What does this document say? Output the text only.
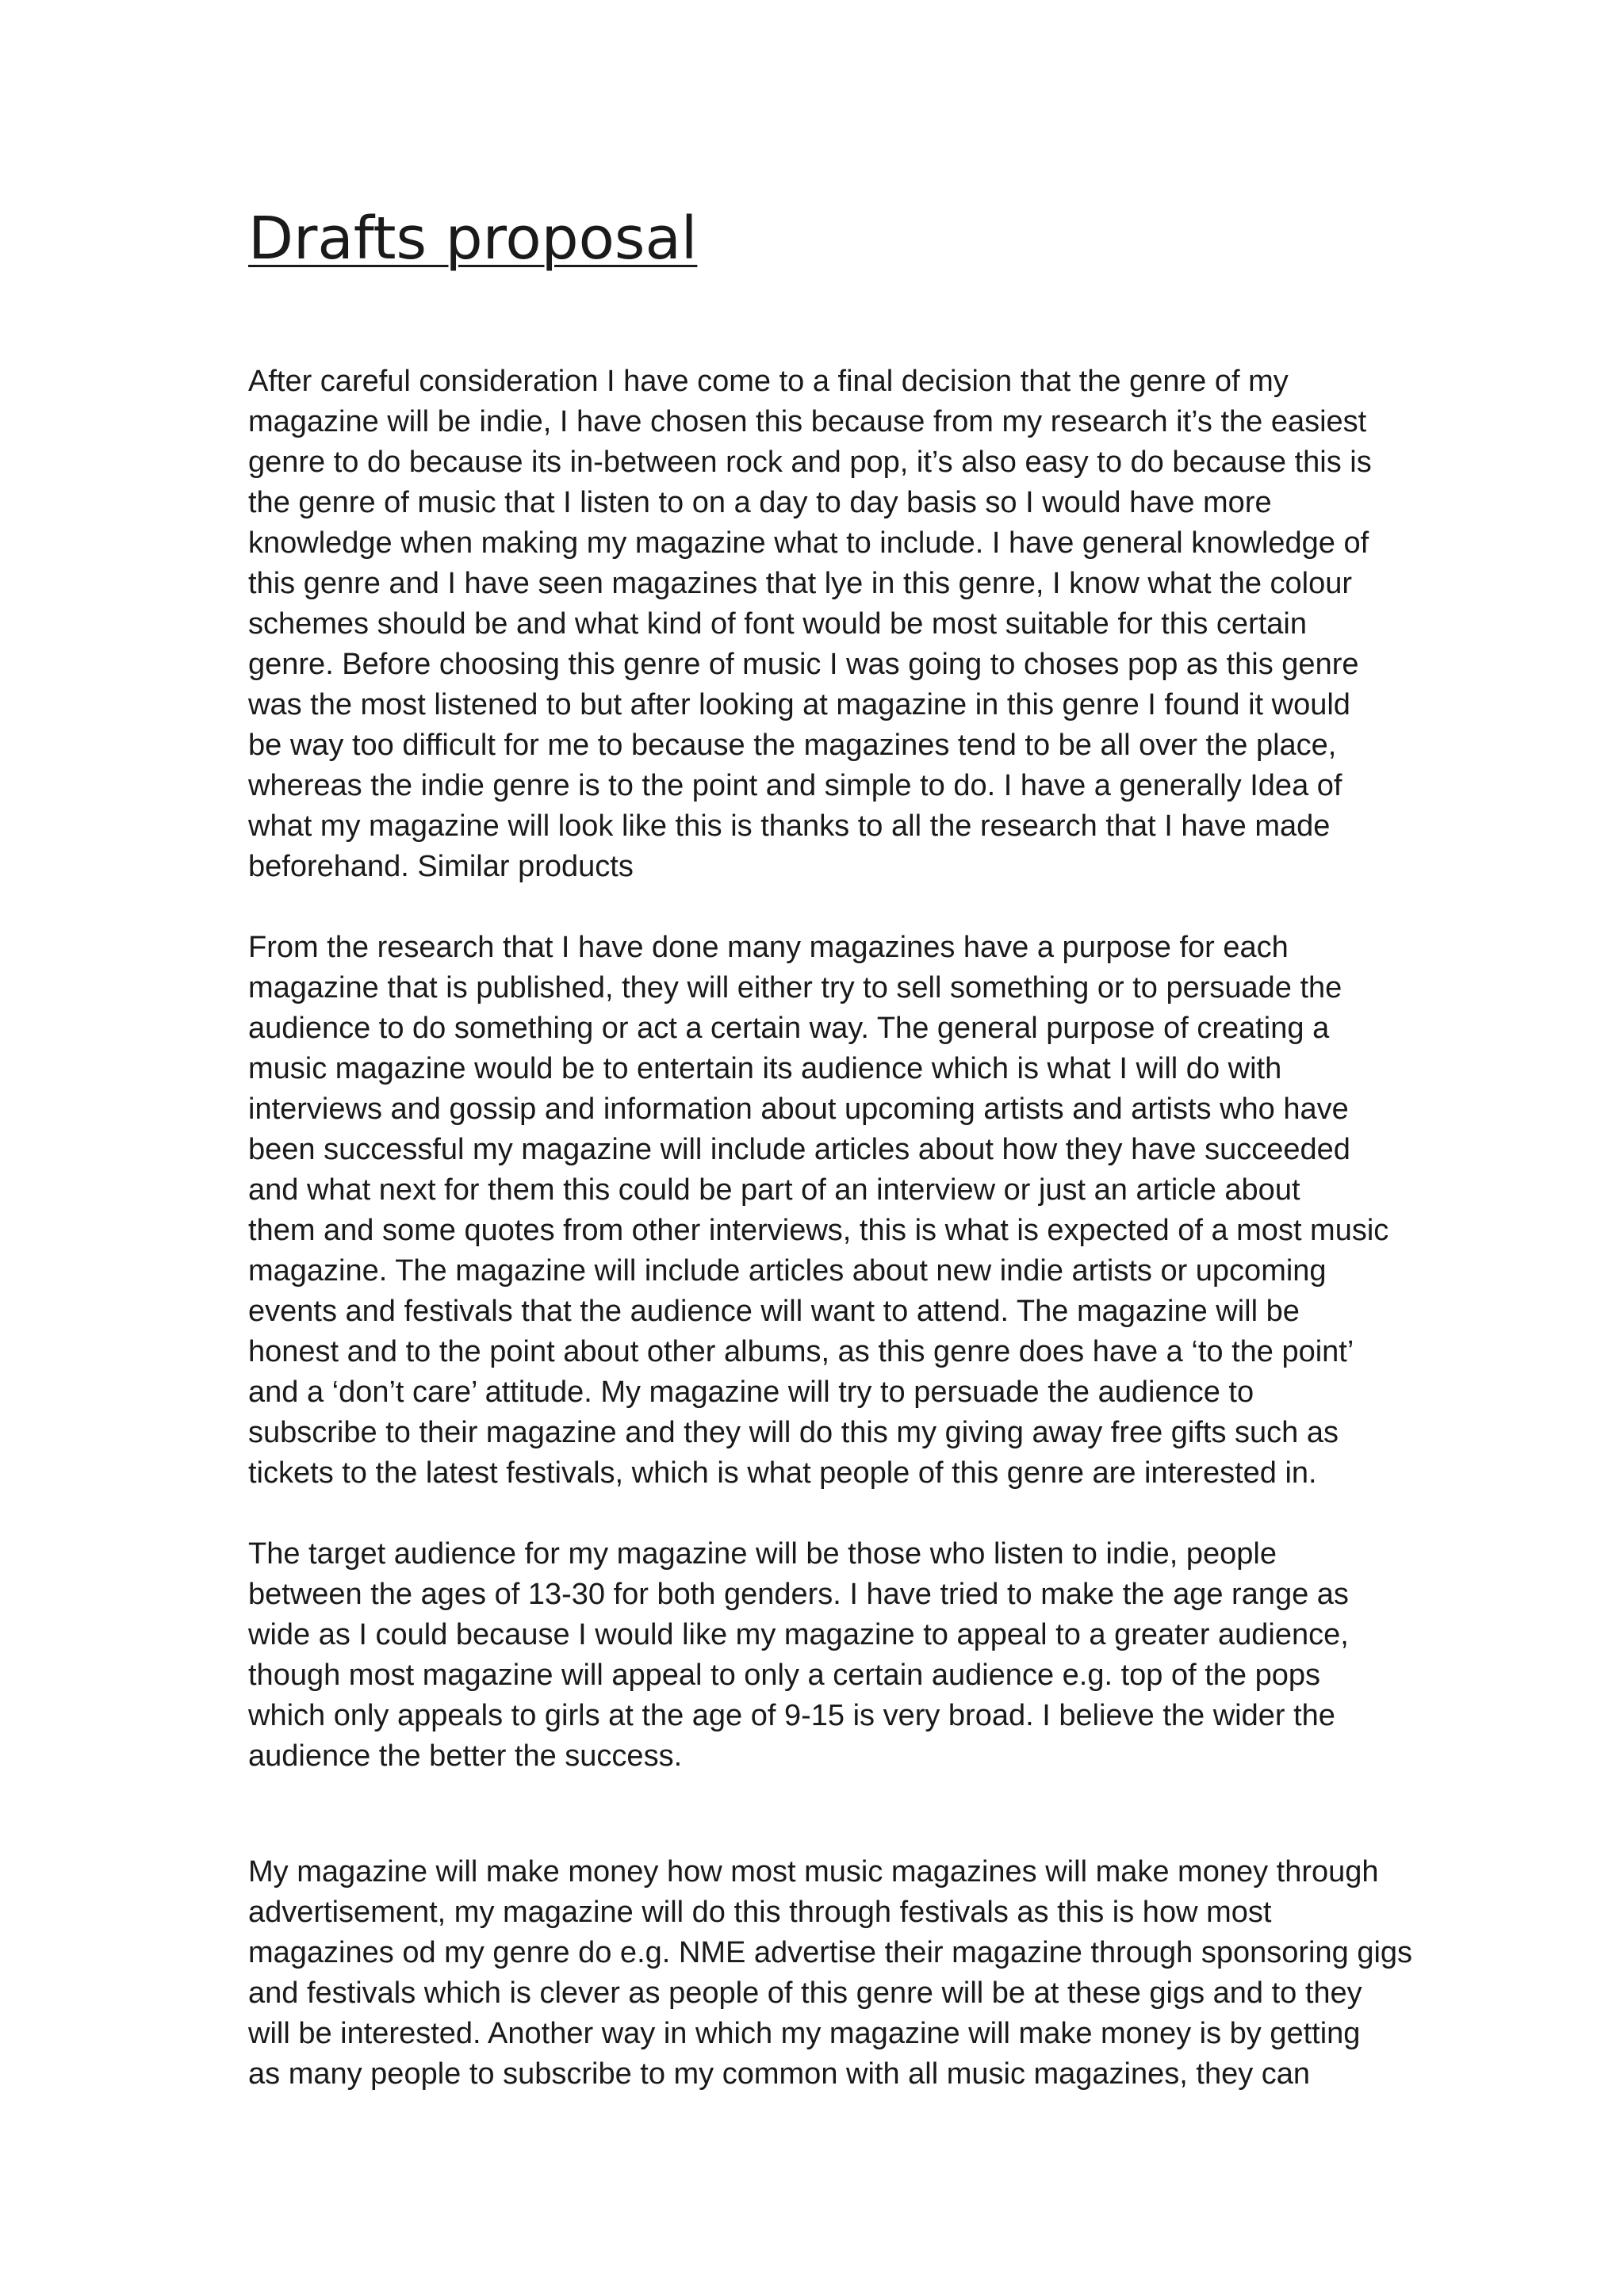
Drafts proposal

After careful consideration I have come to a final decision that the genre of my
magazine will be indie, I have chosen this because from my research it’s the easiest
genre to do because its in-between rock and pop, it’s also easy to do because this is
the genre of music that I listen to on a day to day basis so I would have more
knowledge when making my magazine what to include. I have general knowledge of
this genre and I have seen magazines that lye in this genre, I know what the colour
schemes should be and what kind of font would be most suitable for this certain
genre. Before choosing this genre of music I was going to choses pop as this genre
was the most listened to but after looking at magazine in this genre I found it would
be way too difficult for me to because the magazines tend to be all over the place,
whereas the indie genre is to the point and simple to do. I have a generally Idea of
what my magazine will look like this is thanks to all the research that I have made
beforehand. Similar products

From the research that I have done many magazines have a purpose for each
magazine that is published, they will either try to sell something or to persuade the
audience to do something or act a certain way. The general purpose of creating a
music magazine would be to entertain its audience which is what I will do with
interviews and gossip and information about upcoming artists and artists who have
been successful my magazine will include articles about how they have succeeded
and what next for them this could be part of an interview or just an article about
them and some quotes from other interviews, this is what is expected of a most music
magazine. The magazine will include articles about new indie artists or upcoming
events and festivals that the audience will want to attend. The magazine will be
honest and to the point about other albums, as this genre does have a ‘to the point’
and a ‘don’t care’ attitude. My magazine will try to persuade the audience to
subscribe to their magazine and they will do this my giving away free gifts such as
tickets to the latest festivals, which is what people of this genre are interested in.

The target audience for my magazine will be those who listen to indie, people
between the ages of 13-30 for both genders. I have tried to make the age range as
wide as I could because I would like my magazine to appeal to a greater audience,
though most magazine will appeal to only a certain audience e.g. top of the pops
which only appeals to girls at the age of 9-15 is very broad. I believe the wider the
audience the better the success.

My magazine will make money how most music magazines will make money through
advertisement, my magazine will do this through festivals as this is how most
magazines od my genre do e.g. NME advertise their magazine through sponsoring gigs
and festivals which is clever as people of this genre will be at these gigs and to they
will be interested. Another way in which my magazine will make money is by getting
as many people to subscribe to my common with all music magazines, they can
